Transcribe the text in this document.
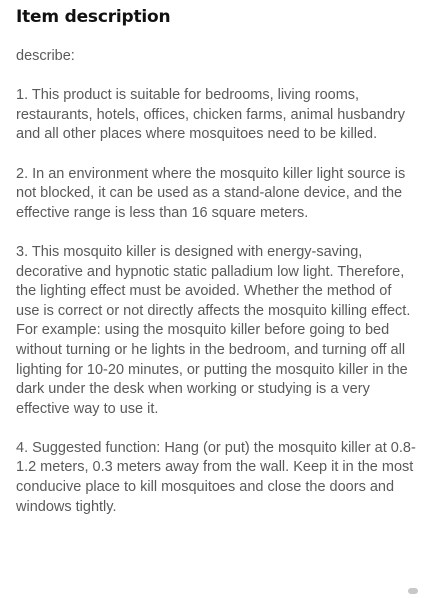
Item description

describe:

1. This product is suitable for bedrooms, living rooms, restaurants, hotels, offices, chicken farms, animal husbandry and all other places where mosquitoes need to be killed.

2. In an environment where the mosquito killer light source is not blocked, it can be used as a stand-alone device, and the effective range is less than 16 square meters.

3. This mosquito killer is designed with energy-saving, decorative and hypnotic static palladium low light. Therefore, the lighting effect must be avoided. Whether the method of use is correct or not directly affects the mosquito killing effect. For example: using the mosquito killer before going to bed without turning or he lights in the bedroom, and turning off all lighting for 10-20 minutes, or putting the mosquito killer in the dark under the desk when working or studying is a very effective way to use it.

4. Suggested function: Hang (or put) the mosquito killer at 0.8-1.2 meters, 0.3 meters away from the wall. Keep it in the most conducive place to kill mosquitoes and close the doors and windows tightly.
